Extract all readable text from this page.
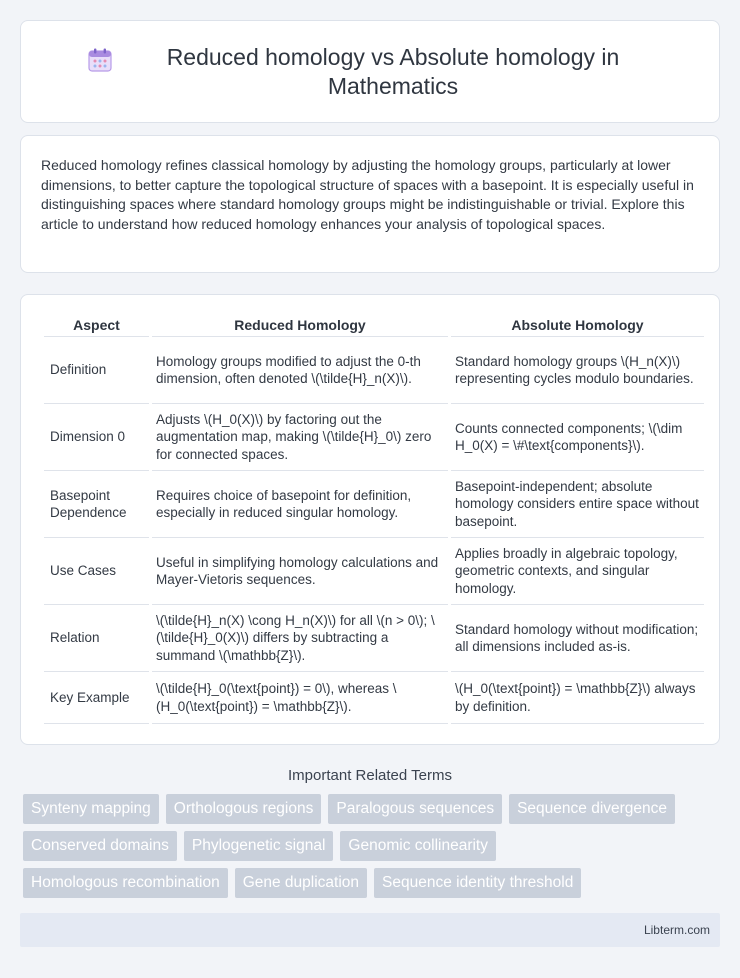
Reduced homology vs Absolute homology in Mathematics

Reduced homology refines classical homology by adjusting the homology groups, particularly at lower dimensions, to better capture the topological structure of spaces with a basepoint. It is especially useful in distinguishing spaces where standard homology groups might be indistinguishable or trivial. Explore this article to understand how reduced homology enhances your analysis of topological spaces.

Aspect	Reduced Homology	Absolute Homology
Definition	Homology groups modified to adjust the 0-th dimension, often denoted \(\tilde{H}_n(X)\).	Standard homology groups \(H_n(X)\) representing cycles modulo boundaries.
Dimension 0	Adjusts \(H_0(X)\) by factoring out the augmentation map, making \(\tilde{H}_0\) zero for connected spaces.	Counts connected components; \(\dim H_0(X) = \#\text{components}\).
Basepoint Dependence	Requires choice of basepoint for definition, especially in reduced singular homology.	Basepoint-independent; absolute homology considers entire space without basepoint.
Use Cases	Useful in simplifying homology calculations and Mayer-Vietoris sequences.	Applies broadly in algebraic topology, geometric contexts, and singular homology.
Relation	\(\tilde{H}_n(X) \cong H_n(X)\) for all \(n > 0\); \(\tilde{H}_0(X)\) differs by subtracting a summand \(\mathbb{Z}\).	Standard homology without modification; all dimensions included as-is.
Key Example	\(\tilde{H}_0(\text{point}) = 0\), whereas \(H_0(\text{point}) = \mathbb{Z}\).	\(H_0(\text{point}) = \mathbb{Z}\) always by definition.
Important Related Terms
Synteny mapping	Orthologous regions	Paralogous sequences	Sequence divergence
Conserved domains	Phylogenetic signal	Genomic collinearity
Homologous recombination	Gene duplication	Sequence identity threshold
Libterm.com
